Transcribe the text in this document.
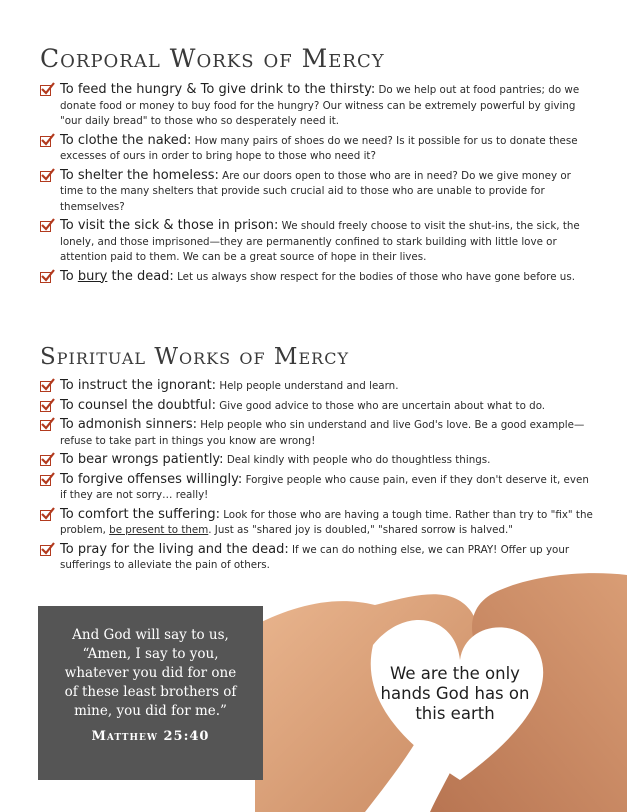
Corporal Works of Mercy
To feed the hungry & To give drink to the thirsty: Do we help out at food pantries; do we donate food or money to buy food for the hungry? Our witness can be extremely powerful by giving "our daily bread" to those who so desperately need it.
To clothe the naked: How many pairs of shoes do we need? Is it possible for us to donate these excesses of ours in order to bring hope to those who need it?
To shelter the homeless: Are our doors open to those who are in need? Do we give money or time to the many shelters that provide such crucial aid to those who are unable to provide for themselves?
To visit the sick & those in prison: We should freely choose to visit the shut-ins, the sick, the lonely, and those imprisoned—they are permanently confined to stark building with little love or attention paid to them. We can be a great source of hope in their lives.
To bury the dead: Let us always show respect for the bodies of those who have gone before us.
Spiritual Works of Mercy
To instruct the ignorant: Help people understand and learn.
To counsel the doubtful: Give good advice to those who are uncertain about what to do.
To admonish sinners: Help people who sin understand and live God's love. Be a good example— refuse to take part in things you know are wrong!
To bear wrongs patiently: Deal kindly with people who do thoughtless things.
To forgive offenses willingly: Forgive people who cause pain, even if they don't deserve it, even if they are not sorry… really!
To comfort the suffering: Look for those who are having a tough time. Rather than try to "fix" the problem, be present to them. Just as "shared joy is doubled," "shared sorrow is halved."
To pray for the living and the dead: If we can do nothing else, we can PRAY! Offer up your sufferings to alleviate the pain of others.
We are the only
hands God has on
this earth
And God will say to us,
“Amen, I say to you,
whatever you did for one
of these least brothers of
mine, you did for me.”
Matthew 25:40
